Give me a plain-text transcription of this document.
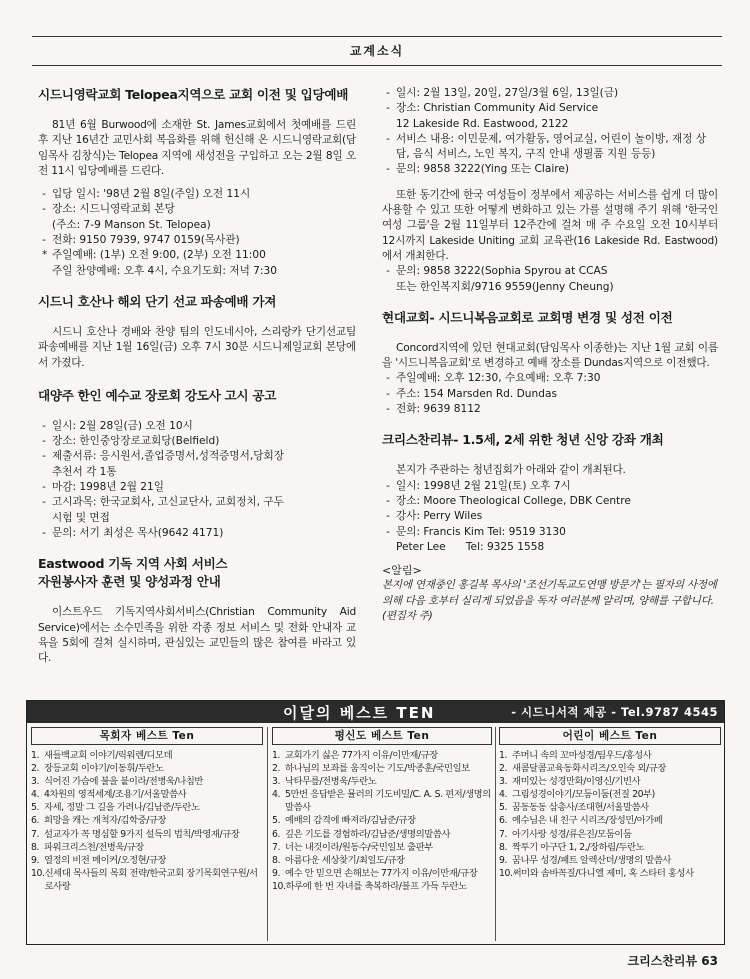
교계소식
시드니영락교회 Telopea지역으로 교회 이전 및 입당예배
81년 6월 Burwood에 소재한 St. James교회에서 첫예배를 드린 후 지난 16년간 교민사회 복음화를 위해 헌신해 온 시드니영락교회(담임목사 김창식)는 Telopea 지역에 새성전을 구입하고 오는 2월 8일 오전 11시 입당예배를 드린다.
- 입당 일시: '98년 2월 8일(주일) 오전 11시
- 장소: 시드니영락교회 본당
(주소: 7-9 Manson St. Telopea)
- 전화: 9150 7939, 9747 0159(목사관)
* 주일예배: (1부) 오전 9:00, (2부) 오전 11:00
주일 찬양예배: 오후 4시, 수요기도회: 저녁 7:30
시드니 호산나 해외 단기 선교 파송예배 가져
시드니 호산나 경배와 찬양 팀의 인도네시아, 스리랑카 단기선교팀 파송예배를 지난 1월 16일(금) 오후 7시 30분 시드니제일교회 본당에서 가졌다.
대양주 한인 예수교 장로회 강도사 고시 공고
- 일시: 2월 28일(금) 오전 10시
- 장소: 한인중앙장로교회당(Belfield)
- 제출서류: 응시원서,졸업증명서,성적증명서,당회장
추천서 각 1통
- 마감: 1998년 2월 21일
- 고시과목: 한국교회사, 고신교단사, 교회정치, 구두
시험 및 면접
- 문의: 서기 최성은 목사(9642 4171)
Eastwood 기독 지역 사회 서비스
자원봉사자 훈련 및 양성과정 안내
이스트우드 기독지역사회서비스(Christian Community Aid Service)에서는 소수민족을 위한 각종 정보 서비스 및 전화 안내자 교육을 5회에 걸쳐 실시하며, 관심있는 교민들의 많은 참여를 바라고 있다.
- 일시: 2월 13일, 20일, 27일/3월 6일, 13일(금)
- 장소: Christian Community Aid Service
12 Lakeside Rd. Eastwood, 2122
- 서비스 내용: 이민문제, 여가활동, 영어교실, 어린이 놀이방, 재정 상담, 음식 서비스, 노인 복지, 구직 안내 생필품 지원 등등)
- 문의: 9858 3222(Ying 또는 Claire)
또한 동기간에 한국 여성들이 정부에서 제공하는 서비스를 쉽게 더 많이 사용할 수 있고 또한 어떻게 변화하고 있는 가를 설명해 주기 위해 '한국인 여성 그룹'을 2월 11일부터 12주간에 걸쳐 매 주 수요일 오전 10시부터 12시까지 Lakeside Uniting 교회 교육관(16 Lakeside Rd. Eastwood)에서 개최한다.
- 문의: 9858 3222(Sophia Spyrou at CCAS
또는 한인복지회/9716 9559(Jenny Cheung)
현대교회- 시드니복음교회로 교회명 변경 및 성전 이전
Concord지역에 있던 현대교회(담임목사 이종한)는 지난 1월 교회 이름을 '시드니복음교회'로 변경하고 예배 장소를 Dundas지역으로 이전했다.
- 주일예배: 오후 12:30, 수요예배: 오후 7:30
- 주소: 154 Marsden Rd. Dundas
- 전화: 9639 8112
크리스찬리뷰- 1.5세, 2세 위한 청년 신앙 강좌 개최
본지가 주관하는 청년집회가 아래와 같이 개최된다.
- 일시: 1998년 2월 21일(토) 오후 7시
- 장소: Moore Theological College, DBK Centre
- 강사: Perry Wiles
- 문의: Francis Kim Tel: 9519 3130
Peter Lee      Tel: 9325 1558
<알림>
본지에 연재중인 홍길복 목사의 '조선기독교도연맹 방문기'는 필자의 사정에 의해 다음 호부터 실리게 되었음을 독자 여러분께 알리며, 양해를 구합니다. (편집자 주)
이달의 베스트 TEN	- 시드니서적 제공 - Tel.9787 4545
목회자 베스트 Ten
1. 새들백교회 이야기/릭워렌/디모데
2. 장등교회 이야기/이동휘/두란노
3. 식어진 가슴에 불을 붙이라/전병욱/나침반
4. 4차원의 영적세계/조용기/서울말씀사
5. 자세, 정말 그 길을 가려나/김남준/두란노
6. 희망을 캐는 개척자/김학중/규장
7. 설교자가 꼭 명심할 9가지 설득의 법칙/박영재/규장
8. 파워크리스천/전병욱/규장
9. 열정의 비전 메이커/오정현/규장
10. 신세대 목사들의 목회 전략/한국교회 장기목회연구원/서로사랑
평신도 베스트 Ten
1. 교회가기 싫은 77가지 이유/이만재/규장
2. 하나님의 보좌를 움직이는 기도/박종훈/국민일보
3. 낙타무릎/전병욱/두란노
4. 5만번 응답받은 뮬러의 기도비밀/C. A. S. 편저/생명의 말씀사
5. 예배의 감격에 빠져라/김남준/규장
6. 깊은 기도를 경험하라/김남준/생명의말씀사
7. 너는 내것이라/원동수/국민일보 출판부
8. 아름다운 세상찾기/최일도/규장
9. 예수 안 믿으면 손해보는 77가지 이유/이만재/규장
10. 하루에 한 번 자녀를 축복하라/블프 가득 두란노
어린이 베스트 Ten
1. 주머니 속의 꼬마성경/팀우드/홍성사
2. 새콤달콤교육동화시리즈/오인숙 외/규장
3. 재미있는 성경만화/이영신/기빈사
4. 그림성경이야기/모둠이둠(전질 20부)
5. 꿈동동동 삼총사/조대현/서울말씀사
6. 예수님은 내 친구 시리즈/장성민/아가페
7. 아기사랑 성경/류은진/모둠이둠
8. 짝투기 아구단 1, 2,/장하림/두란노
9. 꿈나무 성경/패트 알렉산더/생명의 말씀사
10. 써미와 솜바꼭질/다니엘 제미, 혹 스타터 홍성사
크리스찬리뷰 63
